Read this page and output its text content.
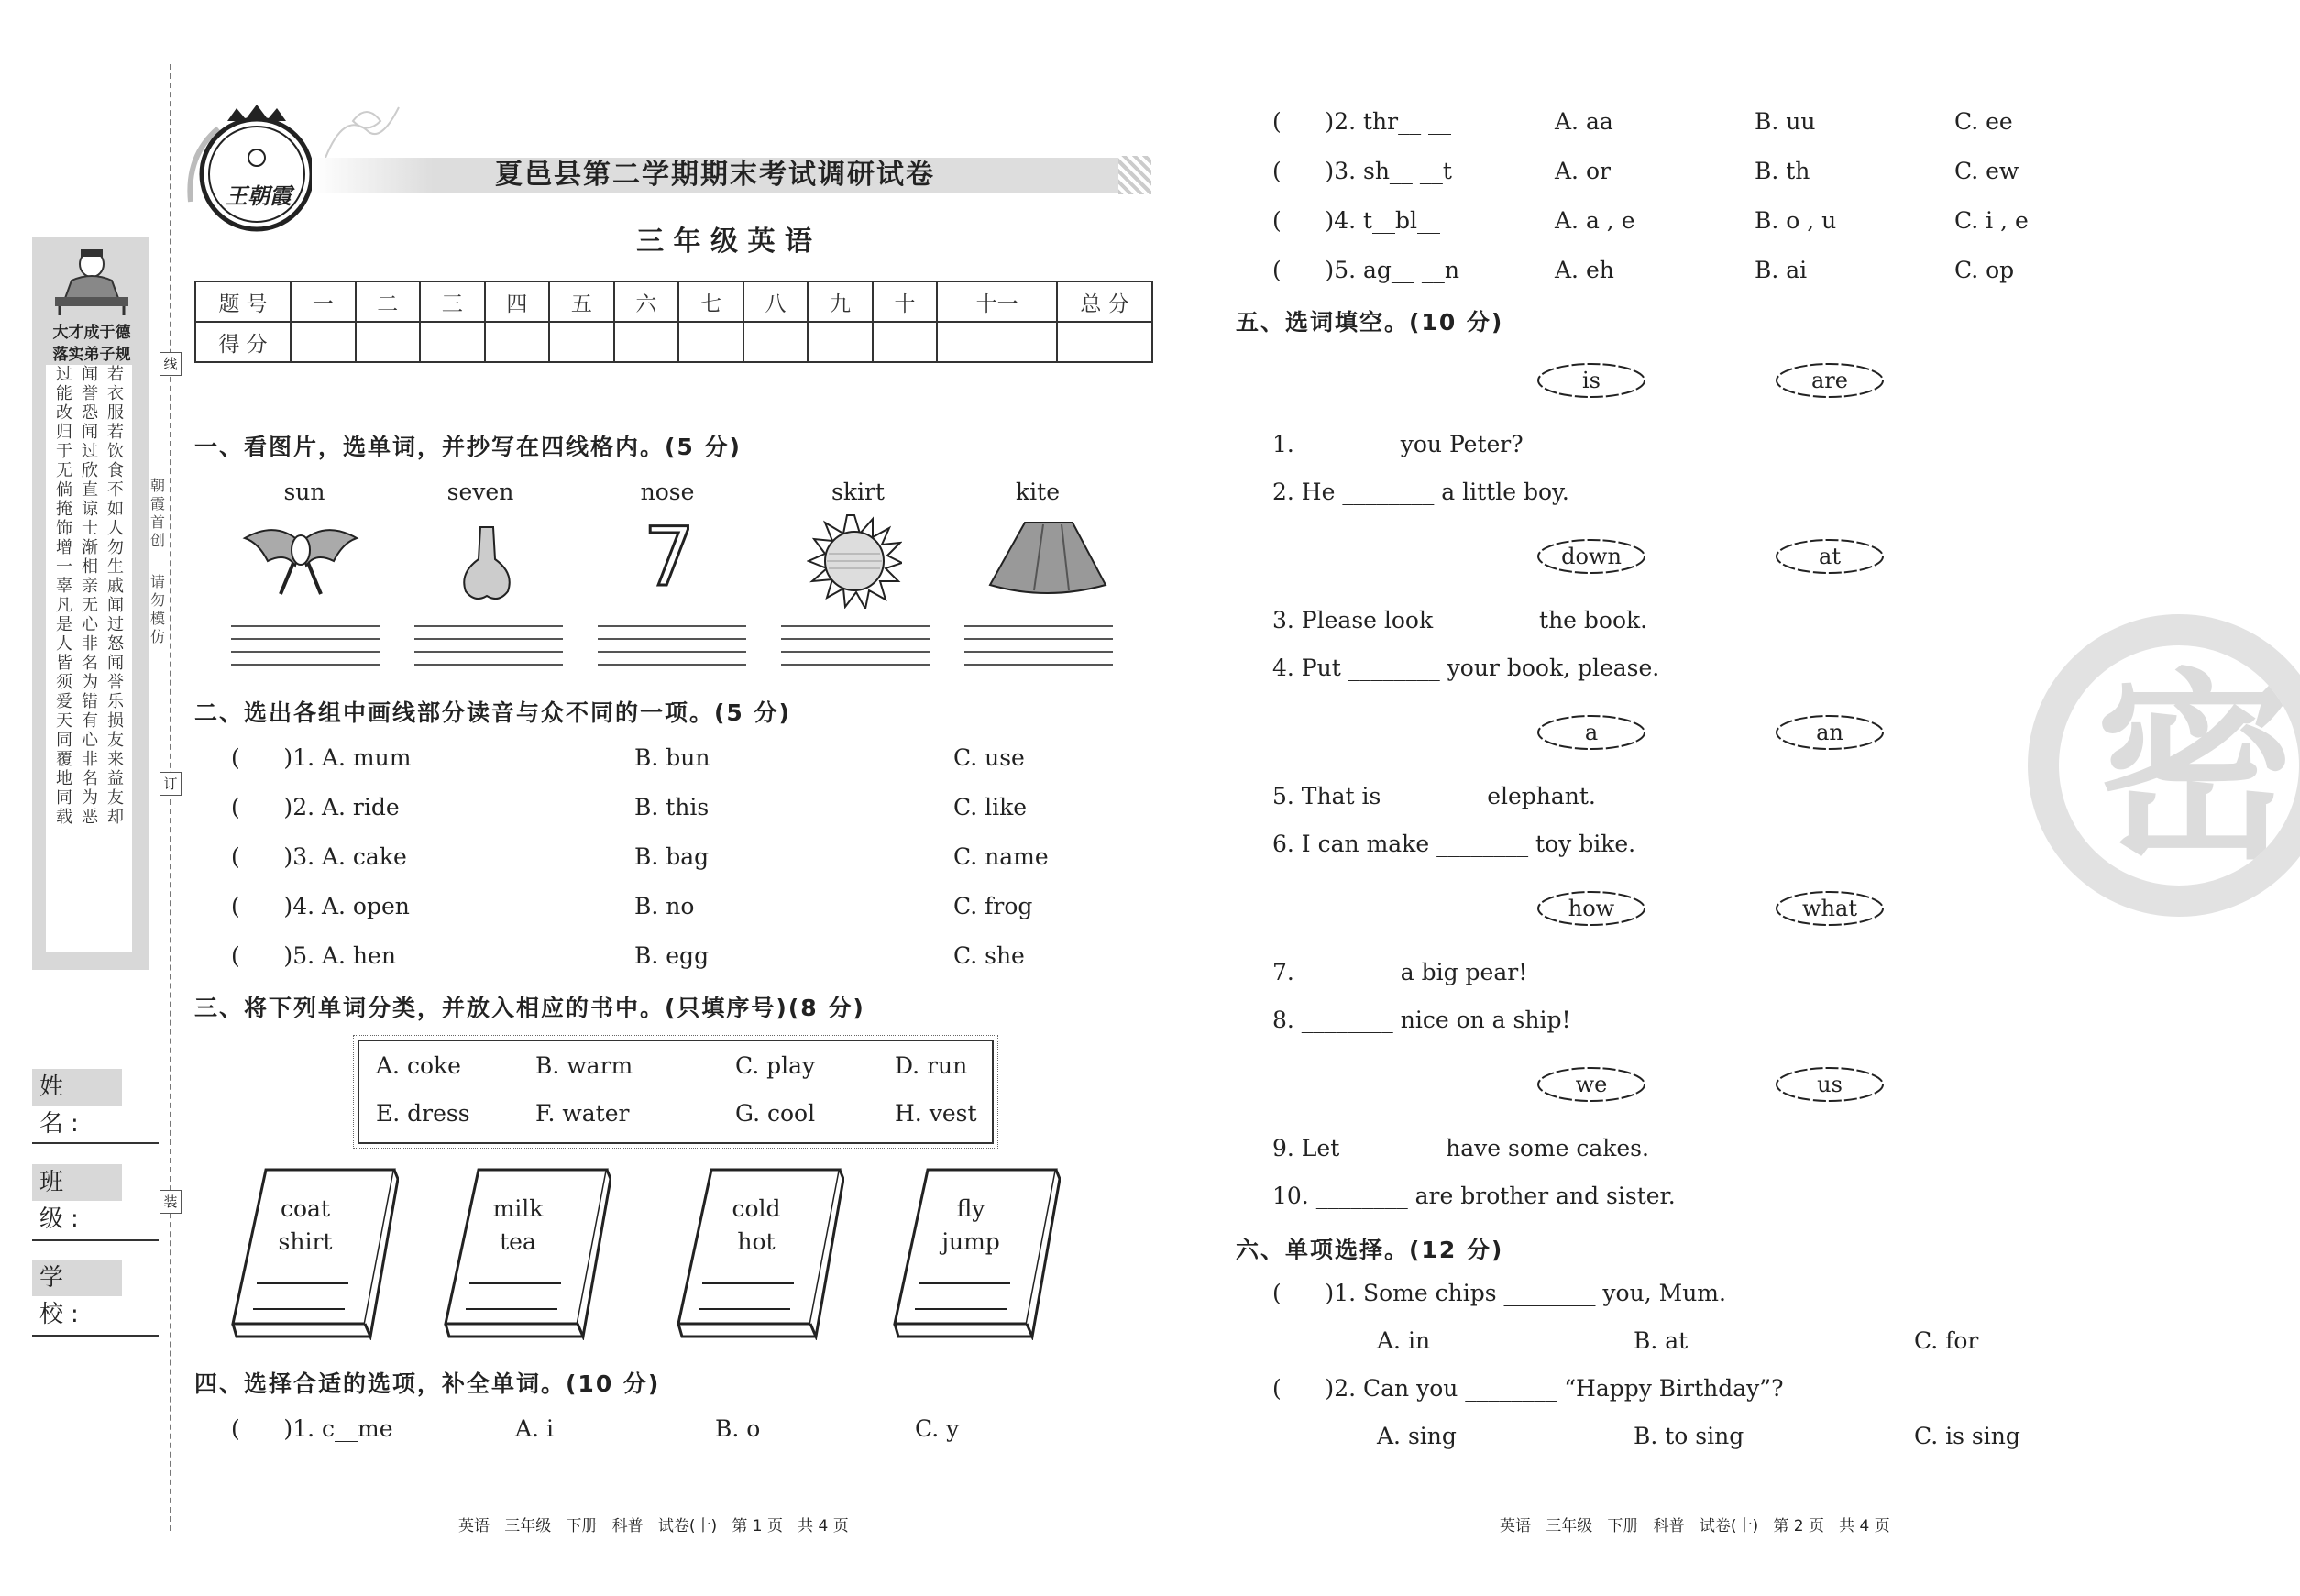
线
订
装
朝霞首创
请勿模仿
大才成于德
落实弟子规
过能改归于无倘掩饰增一辜凡是人皆须爱天同覆地同载
闻誉恐闻过欣直谅士渐相亲无心非名为错有心非名为恶
若衣服若饮食不如人勿生戚闻过怒闻誉乐损友来益友却
姓 名:
班 级:
学 校:
王朝霞
夏邑县第二学期期末考试调研试卷
三 年 级 英 语
题 号	一	二	三	四	五	六	七	八	九	十	十一	总 分
得 分												
一、看图片，选单词，并抄写在四线格内。(5 分)
sun	seven	nose	skirt	kite
7
二、选出各组中画线部分读音与众不同的一项。(5 分)
(      )1. A. mum	B. bun	C. use
(      )2. A. ride	B. this	C. like
(      )3. A. cake	B. bag	C. name
(      )4. A. open	B. no	C. frog
(      )5. A. hen	B. egg	C. she
三、将下列单词分类，并放入相应的书中。(只填序号)(8 分)
A. coke	B. warm	C. play	D. run
E. dress	F. water	G. cool	H. vest
coat
shirt
milk
tea
cold
hot
fly
jump
四、选择合适的选项，补全单词。(10 分)
(      )1. c__me	A. i	B. o	C. y
英语   三年级   下册   科普   试卷(十)   第 1 页   共 4 页
(      )2. thr__ __	A. aa	B. uu	C. ee
(      )3. sh__ __t	A. or	B. th	C. ew
(      )4. t__bl__	A. a , e	B. o , u	C. i , e
(      )5. ag__ __n	A. eh	B. ai	C. op
五、选词填空。(10 分)
is	are
1. ________ you Peter?
2. He ________ a little boy.
down	at
3. Please look ________ the book.
4. Put ________ your book, please.
a	an
5. That is ________ elephant.
6. I can make ________ toy bike.
how	what
7. ________ a big pear!
8. ________ nice on a ship!
we	us
9. Let ________ have some cakes.
10. ________ are brother and sister.
六、单项选择。(12 分)
(      )1. Some chips ________ you, Mum.
A. in	B. at	C. for
(      )2. Can you ________ “Happy Birthday”?
A. sing	B. to sing	C. is sing
英语   三年级   下册   科普   试卷(十)   第 2 页   共 4 页
密
